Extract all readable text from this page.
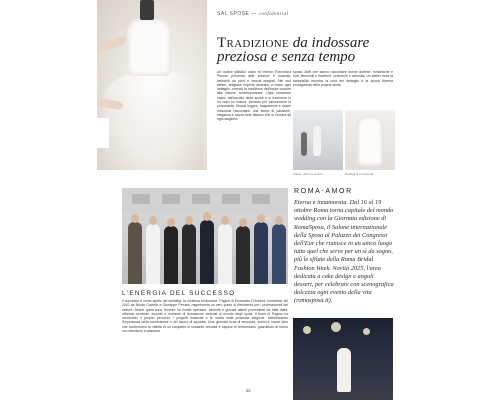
SAL SPOSE — confidential
Tradizione da indossare
preziosa e senza tempo
Un codice stilistico unico ed eterno: Francesca Pirrone presenta abiti preziosi e ricamati, arricchiti da pizzi e tessuti pregiati. Nel suo atelier, artigiane esperte lavorano a mano ogni dettaglio, unendo la tradizione dell'haute couture alla visione contemporanea. Ogni creazione nasce dall'ascolto della sposa e si trasforma in un capo su misura, pensato per valorizzarne la personalità. Tessuti leggeri, trasparenze e ricami minuziosi raccontano una storia di passione, eleganza e savoir-faire italiano che si rinnova ad ogni stagione.
sposa. Abiti che sanno raccontare donne diverse: romantiche e forti, femminili e moderne, cerimonie e calendar. Un atelier dove la sartorialità incontra la cura del dettaglio e la sposa diventa protagonista della propria storia.
Atelier, dietro le quinte.	Dettagli di corsetteria.
ROMA-AMOR
Eterna e innamorata. Dal 16 al 19 ottobre Roma torna capitale del mondo wedding con la Giornata edizione di RomaSposa, il Salone internazionale della Sposa al Palazzo dei Congressi dell'Eur che riunisce in un unico luogo tutto quel che serve per un sì da sogno, più le sfilate della Roma Bridal Fashion Week. Novità 2025, l'area dedicata a cake design e angoli dessert, per celebrare con scenografica dolcezza ogni evento della vita (romasposa.it).
L'ENERGIA DEL SUCCESSO
Il successo è come quello del wedding: la continua evoluzione. Pagina di Emanuela D'Andrea, fondatrice del 2002 da Nicole Coviello e Giuseppe Ferrara, rappresenta un vero punto di riferimento per i professionisti del settore. Anche quest'anno l'evento ha riunito operatori, aziende e giovani talenti provenienti da tutta Italia, offrendo seminari, incontri e momenti di formazione dedicati al mondo degli sposi. Il team di Pagina ha raccontato il proprio percorso, i progetti realizzati e le novità della prossima stagione, sottolineando l'importanza della condivisione e del lavoro di squadra. Una giornata ricca di emozioni, sorrisi e nuove idee che confermano la vitalità di un comparto in costante crescita e capace di reinventarsi, guardando al futuro con ottimismo e passione.
88
